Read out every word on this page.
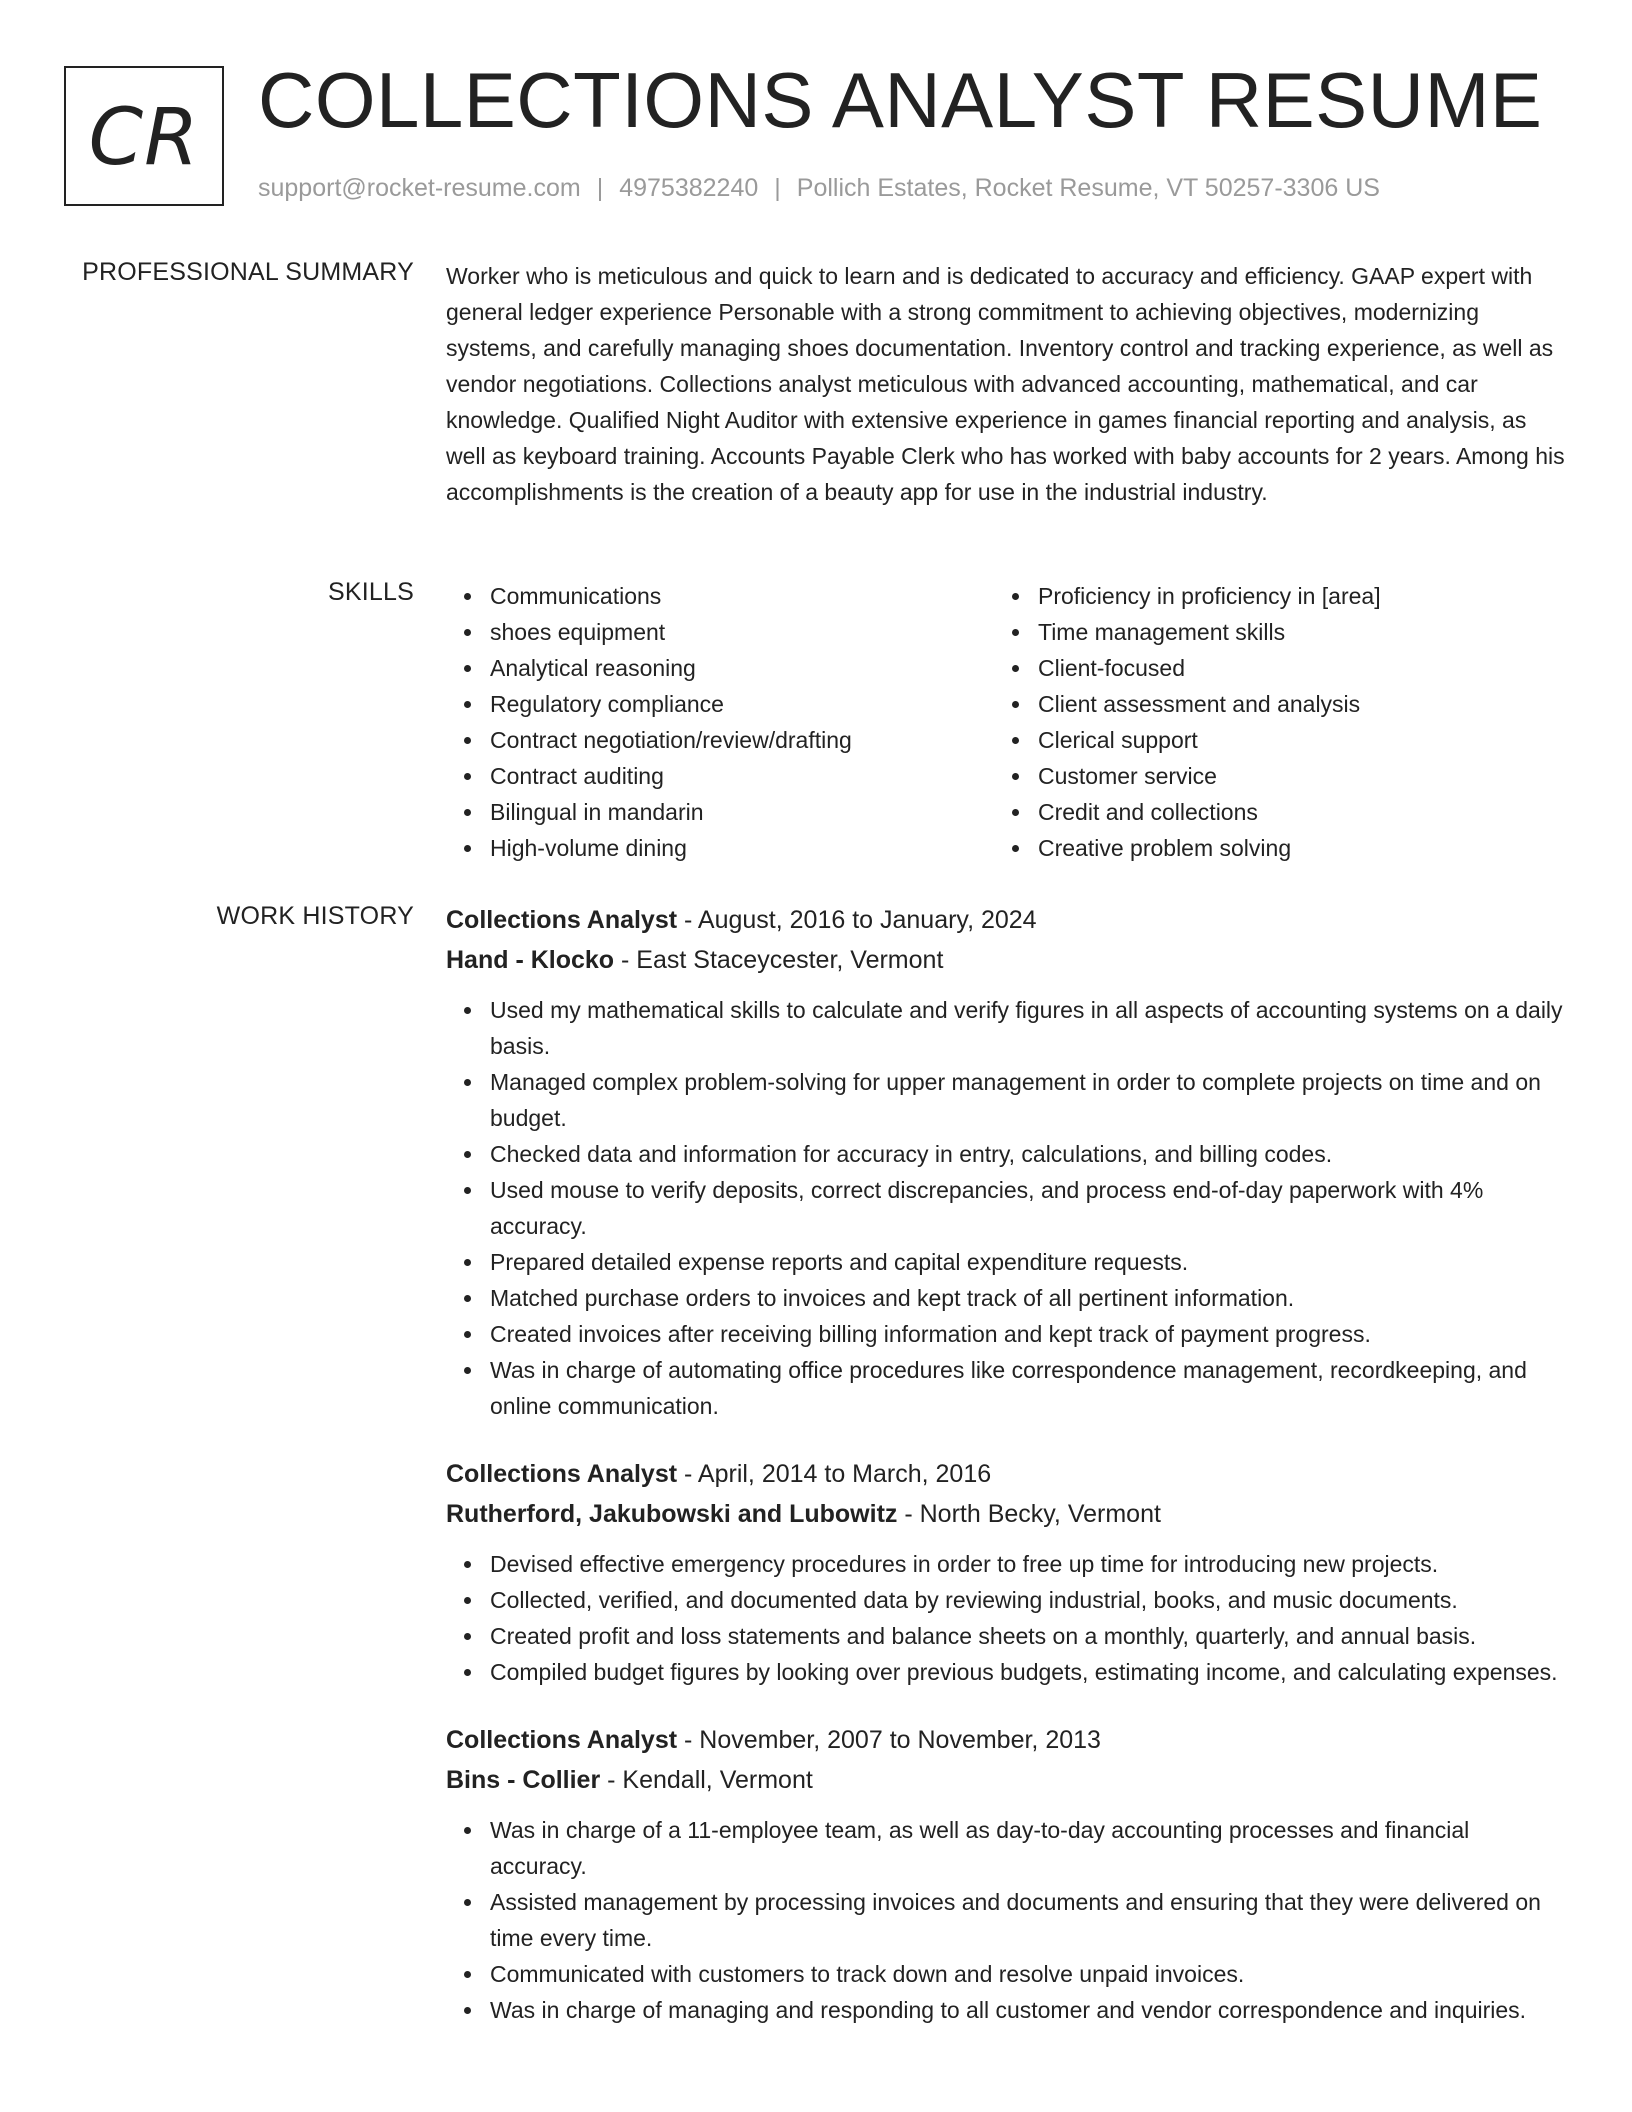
CR COLLECTIONS ANALYST RESUME
support@rocket-resume.com | 4975382240 | Pollich Estates, Rocket Resume, VT 50257-3306 US
PROFESSIONAL SUMMARY Worker who is meticulous and quick to learn and is dedicated to accuracy and efficiency. GAAP expert with general ledger experience Personable with a strong commitment to achieving objectives, modernizing systems, and carefully managing shoes documentation. Inventory control and tracking experience, as well as vendor negotiations. Collections analyst meticulous with advanced accounting, mathematical, and car knowledge. Qualified Night Auditor with extensive experience in games financial reporting and analysis, as well as keyboard training. Accounts Payable Clerk who has worked with baby accounts for 2 years. Among his accomplishments is the creation of a beauty app for use in the industrial industry.

SKILLS	Communications
shoes equipment
Analytical reasoning
Regulatory compliance
Contract negotiation/review/drafting
Contract auditing
Bilingual in mandarin
High-volume dining
Proficiency in proficiency in [area]
Time management skills
Client-focused
Client assessment and analysis
Clerical support
Customer service
Credit and collections
Creative problem solving
WORK HISTORY Collections Analyst - August, 2016 to January, 2024
Hand - Klocko - East Staceycester, Vermont
Used my mathematical skills to calculate and verify figures in all aspects of accounting systems on a daily basis.
Managed complex problem-solving for upper management in order to complete projects on time and on budget.
Checked data and information for accuracy in entry, calculations, and billing codes.
Used mouse to verify deposits, correct discrepancies, and process end-of-day paperwork with 4% accuracy.
Prepared detailed expense reports and capital expenditure requests.
Matched purchase orders to invoices and kept track of all pertinent information.
Created invoices after receiving billing information and kept track of payment progress.
Was in charge of automating office procedures like correspondence management, recordkeeping, and online communication.
Collections Analyst - April, 2014 to March, 2016
Rutherford, Jakubowski and Lubowitz - North Becky, Vermont
Devised effective emergency procedures in order to free up time for introducing new projects.
Collected, verified, and documented data by reviewing industrial, books, and music documents.
Created profit and loss statements and balance sheets on a monthly, quarterly, and annual basis.
Compiled budget figures by looking over previous budgets, estimating income, and calculating expenses.
Collections Analyst - November, 2007 to November, 2013
Bins - Collier - Kendall, Vermont
Was in charge of a 11-employee team, as well as day-to-day accounting processes and financial accuracy.
Assisted management by processing invoices and documents and ensuring that they were delivered on time every time.
Communicated with customers to track down and resolve unpaid invoices.
Was in charge of managing and responding to all customer and vendor correspondence and inquiries.
